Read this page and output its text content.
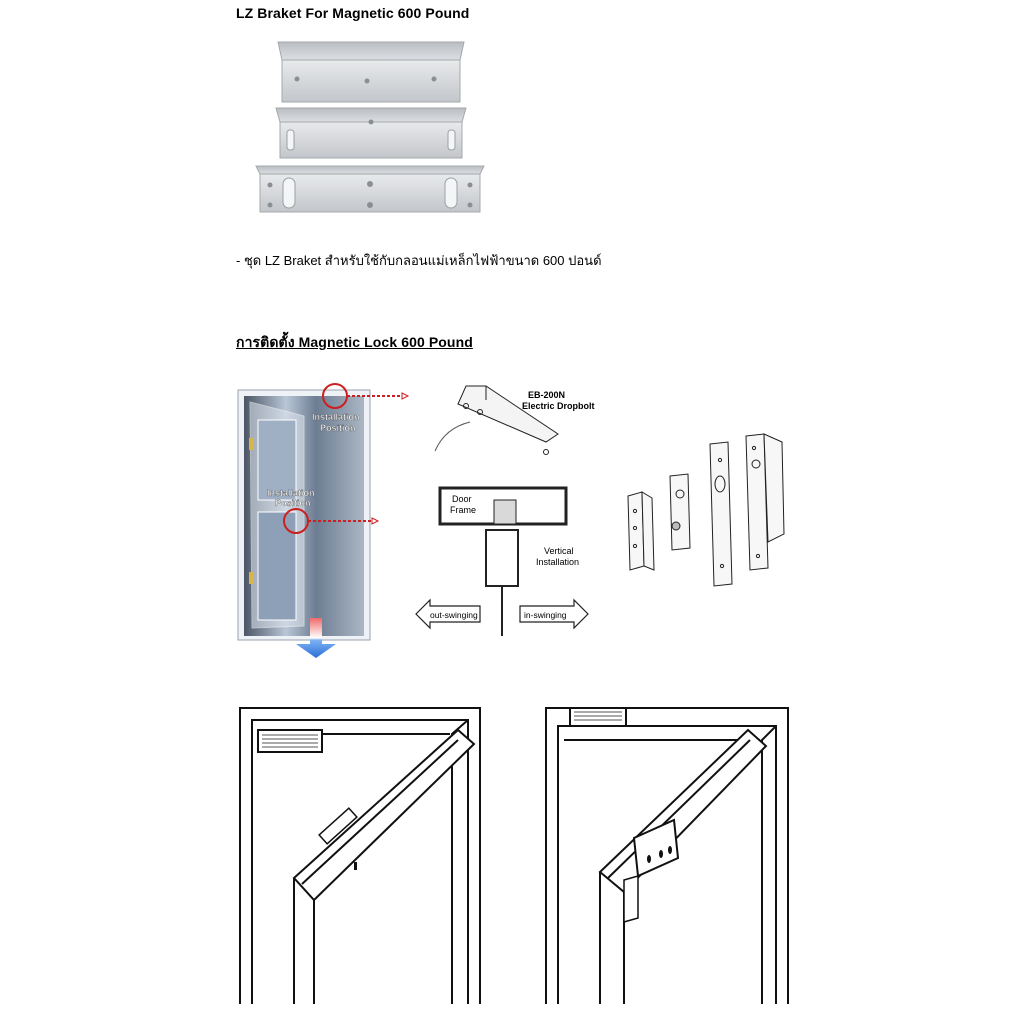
LZ Braket For Magnetic 600 Pound
- ชุด LZ Braket สำหรับใช้กับกลอนแม่เหล็กไฟฟ้าขนาด 600 ปอนด์
การติดตั้ง Magnetic Lock 600 Pound
Installation
Position
Installation
Position
EB-200N
Electric Dropbolt
Door
Frame
Vertical
Installation
out-swinging	in-swinging
